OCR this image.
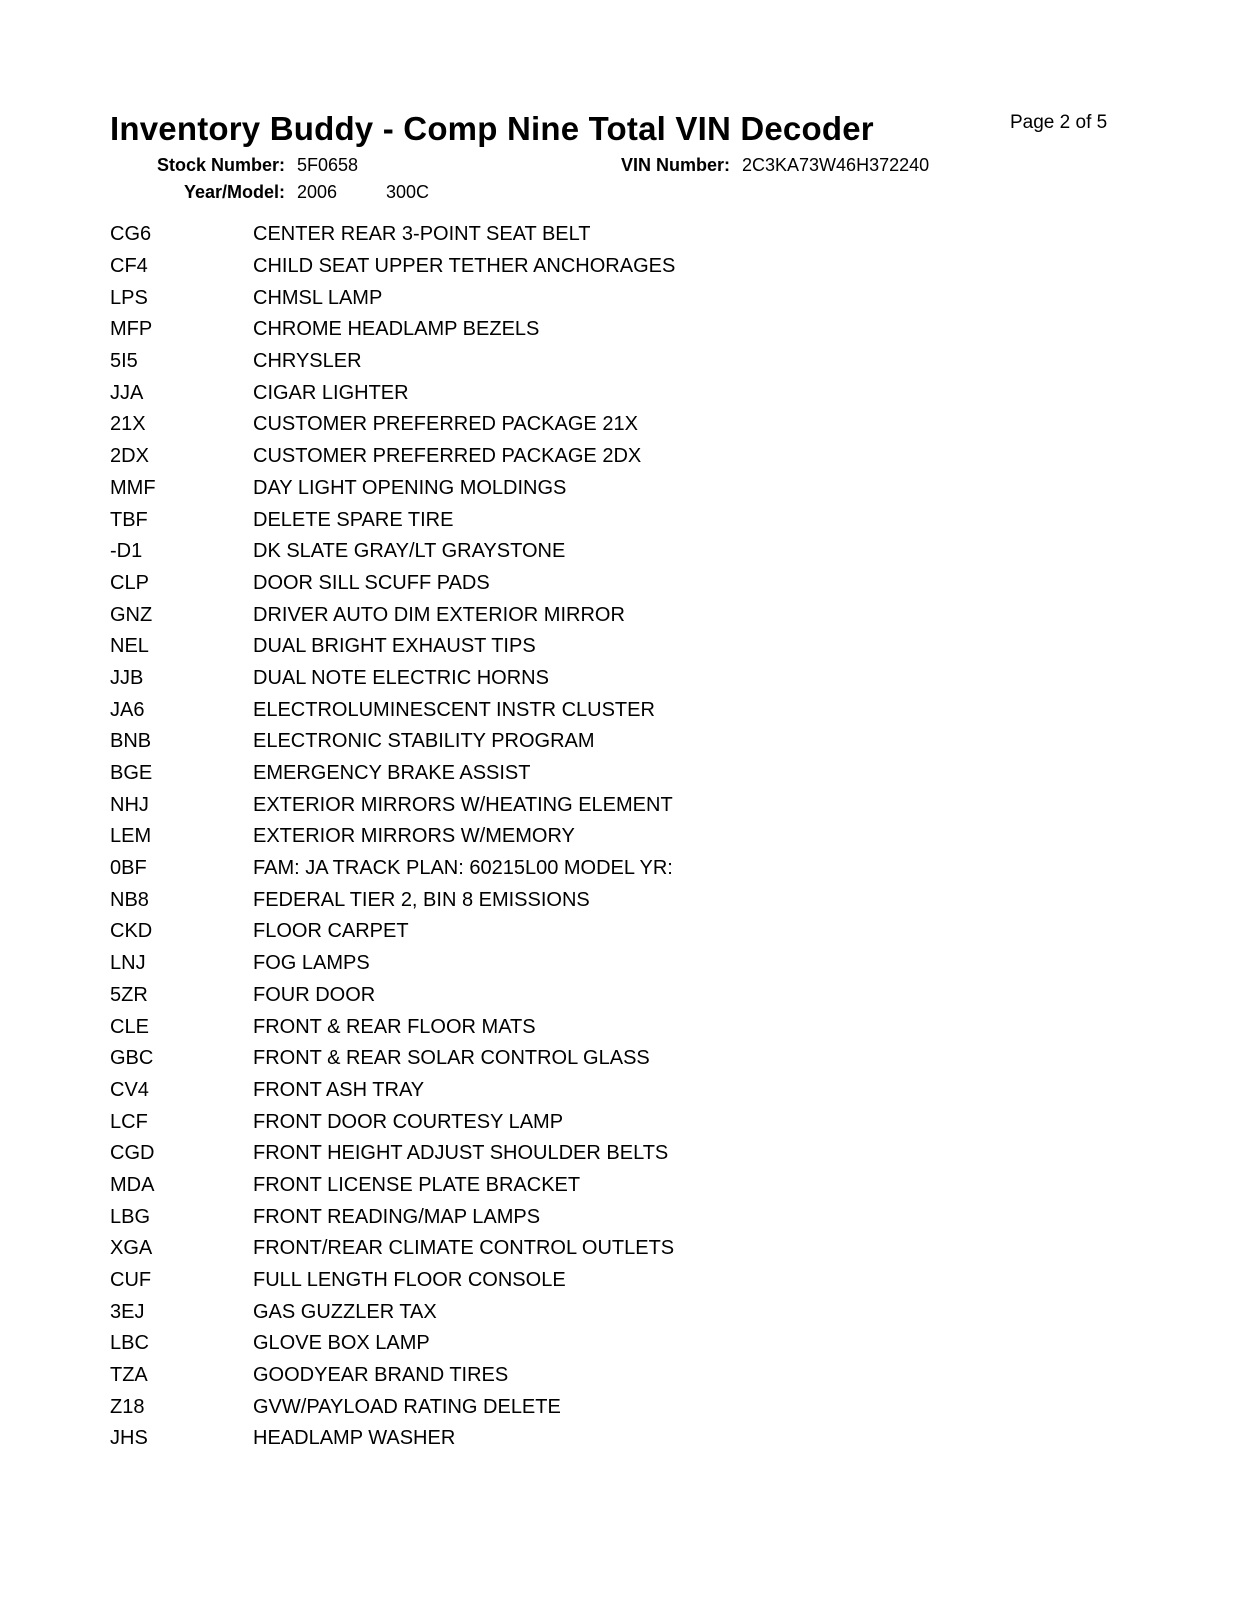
Inventory Buddy - Comp Nine Total VIN Decoder	Page 2 of 5
Stock Number: 5F0658	VIN Number: 2C3KA73W46H372240
Year/Model: 2006	300C
CG6	CENTER REAR 3-POINT SEAT BELT
CF4	CHILD SEAT UPPER TETHER ANCHORAGES
LPS	CHMSL LAMP
MFP	CHROME HEADLAMP BEZELS
5I5	CHRYSLER
JJA	CIGAR LIGHTER
21X	CUSTOMER PREFERRED PACKAGE 21X
2DX	CUSTOMER PREFERRED PACKAGE 2DX
MMF	DAY LIGHT OPENING MOLDINGS
TBF	DELETE SPARE TIRE
-D1	DK SLATE GRAY/LT GRAYSTONE
CLP	DOOR SILL SCUFF PADS
GNZ	DRIVER AUTO DIM EXTERIOR MIRROR
NEL	DUAL BRIGHT EXHAUST TIPS
JJB	DUAL NOTE ELECTRIC HORNS
JA6	ELECTROLUMINESCENT INSTR CLUSTER
BNB	ELECTRONIC STABILITY PROGRAM
BGE	EMERGENCY BRAKE ASSIST
NHJ	EXTERIOR MIRRORS W/HEATING ELEMENT
LEM	EXTERIOR MIRRORS W/MEMORY
0BF	FAM: JA TRACK PLAN: 60215L00 MODEL YR:
NB8	FEDERAL TIER 2, BIN 8 EMISSIONS
CKD	FLOOR CARPET
LNJ	FOG LAMPS
5ZR	FOUR DOOR
CLE	FRONT & REAR FLOOR MATS
GBC	FRONT & REAR SOLAR CONTROL GLASS
CV4	FRONT ASH TRAY
LCF	FRONT DOOR COURTESY LAMP
CGD	FRONT HEIGHT ADJUST SHOULDER BELTS
MDA	FRONT LICENSE PLATE BRACKET
LBG	FRONT READING/MAP LAMPS
XGA	FRONT/REAR CLIMATE CONTROL OUTLETS
CUF	FULL LENGTH FLOOR CONSOLE
3EJ	GAS GUZZLER TAX
LBC	GLOVE BOX LAMP
TZA	GOODYEAR BRAND TIRES
Z18	GVW/PAYLOAD RATING DELETE
JHS	HEADLAMP WASHER
